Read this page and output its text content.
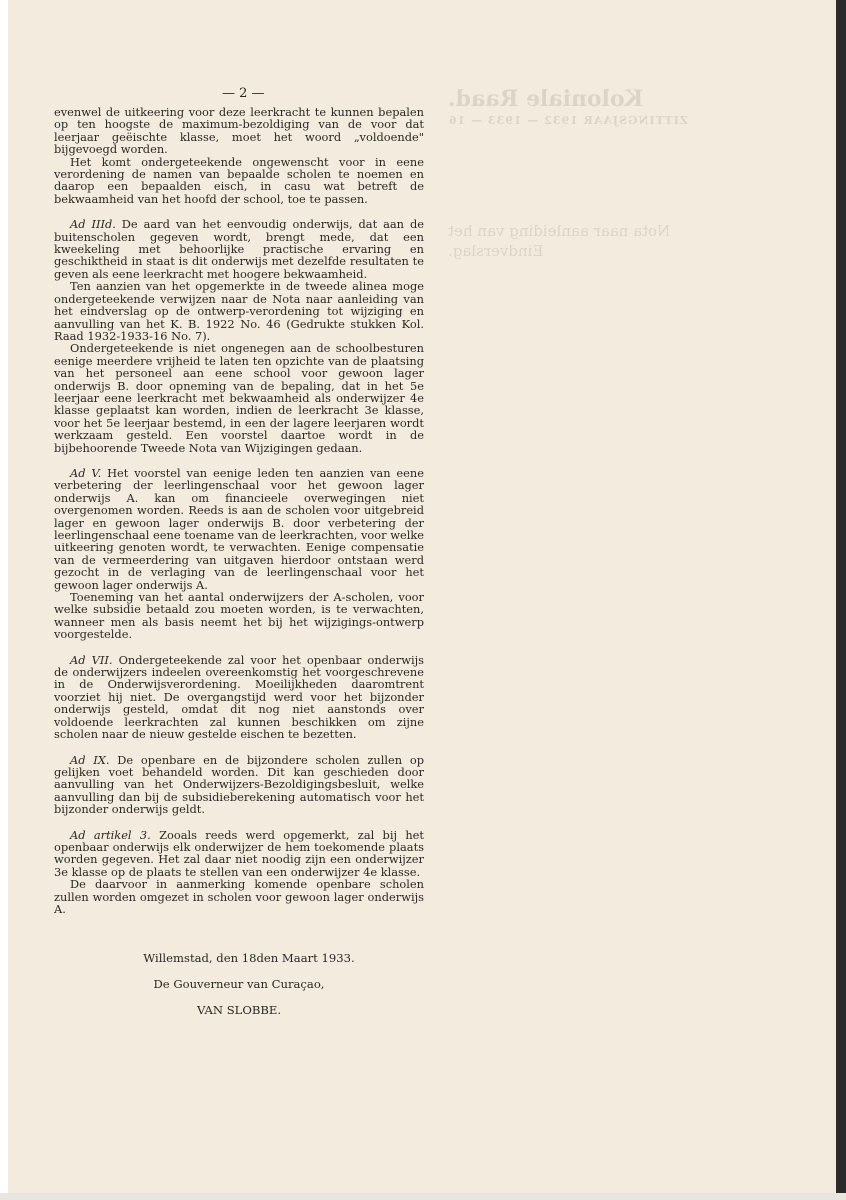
Koloniale Raad.
ZITTINGSJAAR 1932 — 1933 — 16
Nota naar aanleiding van het
Eindverslag.
— 2 —

evenwel de uitkeering voor deze leerkracht te kunnen bepalen op ten hoogste de maximum-bezoldiging van de voor dat leerjaar geëischte klasse, moet het woord „voldoende" bijgevoegd worden.

Het komt ondergeteekende ongewenscht voor in eene verordening de namen van bepaalde scholen te noemen en daarop een bepaalden eisch, in casu wat betreft de bekwaamheid van het hoofd der school, toe te passen.

Ad IIId. De aard van het eenvoudig onderwijs, dat aan de buitenscholen gegeven wordt, brengt mede, dat een kweekeling met behoorlijke practische ervaring en geschiktheid in staat is dit onderwijs met dezelfde resultaten te geven als eene leerkracht met hoogere bekwaamheid.

Ten aanzien van het opgemerkte in de tweede alinea moge ondergeteekende verwijzen naar de Nota naar aanleiding van het eindverslag op de ontwerp-verordening tot wijziging en aanvulling van het K. B. 1922 No. 46 (Gedrukte stukken Kol. Raad 1932-1933-16 No. 7).

Ondergeteekende is niet ongenegen aan de schoolbesturen eenige meerdere vrijheid te laten ten opzichte van de plaatsing van het personeel aan eene school voor gewoon lager onderwijs B. door opneming van de bepaling, dat in het 5e leerjaar eene leerkracht met bekwaamheid als onderwijzer 4e klasse geplaatst kan worden, indien de leerkracht 3e klasse, voor het 5e leerjaar bestemd, in een der lagere leerjaren wordt werkzaam gesteld. Een voorstel daartoe wordt in de bijbehoorende Tweede Nota van Wijzigingen gedaan.

Ad V. Het voorstel van eenige leden ten aanzien van eene verbetering der leerlingenschaal voor het gewoon lager onderwijs A. kan om financieele overwegingen niet overgenomen worden. Reeds is aan de scholen voor uitgebreid lager en gewoon lager onderwijs B. door verbetering der leerlingenschaal eene toename van de leerkrachten, voor welke uitkeering genoten wordt, te verwachten. Eenige compensatie van de vermeerdering van uitgaven hierdoor ontstaan werd gezocht in de verlaging van de leerlingenschaal voor het gewoon lager onderwijs A.

Toeneming van het aantal onderwijzers der A-scholen, voor welke subsidie betaald zou moeten worden, is te verwachten, wanneer men als basis neemt het bij het wijzigings-ontwerp voorgestelde.

Ad VII. Ondergeteekende zal voor het openbaar onderwijs de onderwijzers indeelen overeenkomstig het voorgeschrevene in de Onderwijsverordening. Moeilijkheden daaromtrent voorziet hij niet. De overgangstijd werd voor het bijzonder onderwijs gesteld, omdat dit nog niet aanstonds over voldoende leerkrachten zal kunnen beschikken om zijne scholen naar de nieuw gestelde eischen te bezetten.

Ad IX. De openbare en de bijzondere scholen zullen op gelijken voet behandeld worden. Dit kan geschieden door aanvulling van het Onderwijzers-Bezoldigingsbesluit, welke aanvulling dan bij de subsidieberekening automatisch voor het bijzonder onderwijs geldt.

Ad artikel 3. Zooals reeds werd opgemerkt, zal bij het openbaar onderwijs elk onderwijzer de hem toekomende plaats worden gegeven. Het zal daar niet noodig zijn een onderwijzer 3e klasse op de plaats te stellen van een onderwijzer 4e klasse.

De daarvoor in aanmerking komende openbare scholen zullen worden omgezet in scholen voor gewoon lager onderwijs A.

Willemstad, den 18den Maart 1933.
De Gouverneur van Curaçao,
VAN SLOBBE.
